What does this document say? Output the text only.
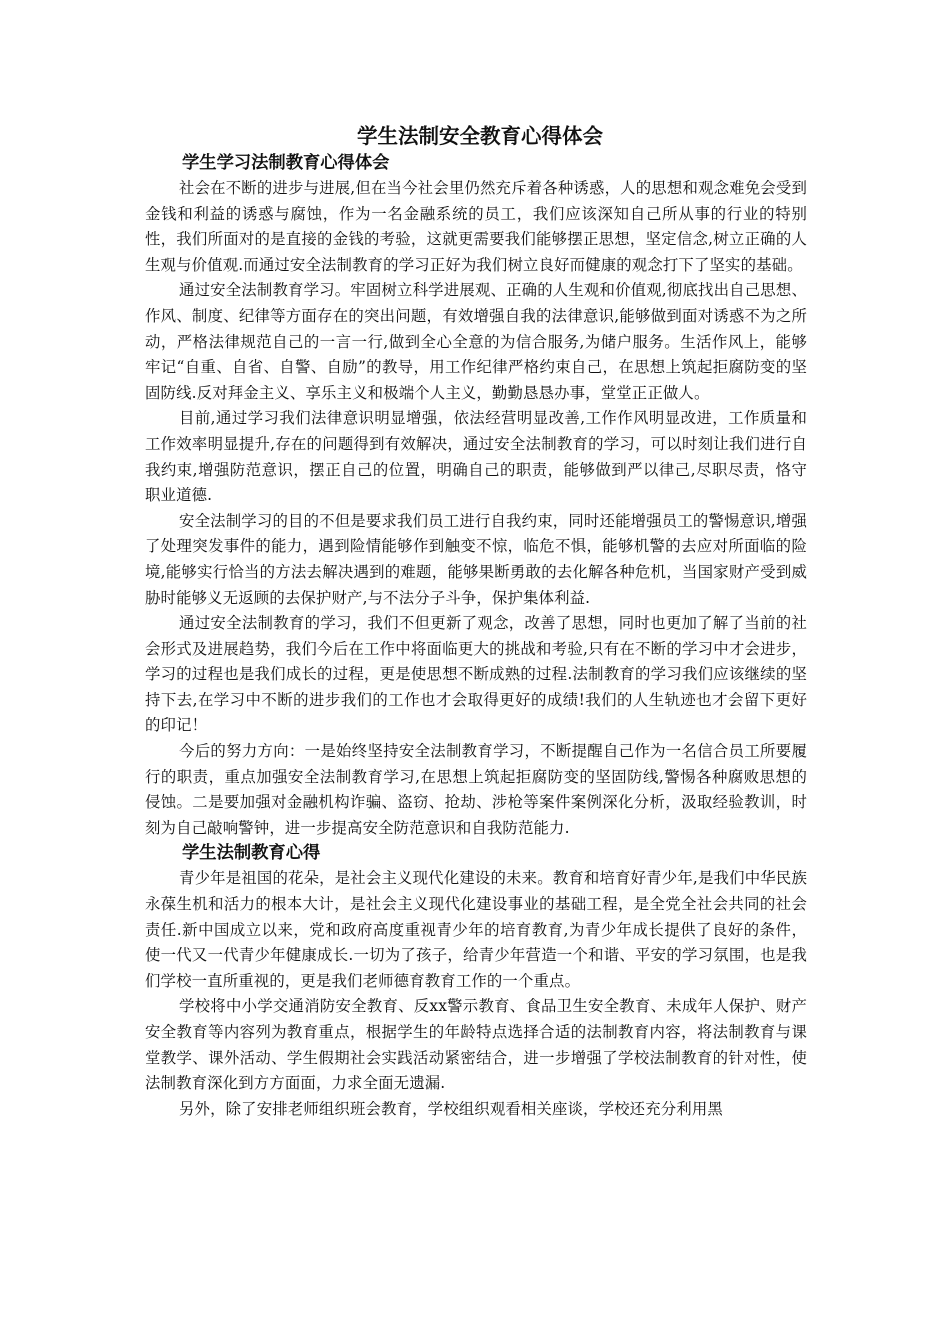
学生法制安全教育心得体会
学生学习法制教育心得体会

社会在不断的进步与进展,但在当今社会里仍然充斥着各种诱惑，人的思想和观念难免会受到金钱和利益的诱惑与腐蚀，作为一名金融系统的员工，我们应该深知自己所从事的行业的特别性，我们所面对的是直接的金钱的考验，这就更需要我们能够摆正思想，坚定信念,树立正确的人生观与价值观.而通过安全法制教育的学习正好为我们树立良好而健康的观念打下了坚实的基础。

通过安全法制教育学习。牢固树立科学进展观、正确的人生观和价值观,彻底找出自己思想、作风、制度、纪律等方面存在的突出问题，有效增强自我的法律意识,能够做到面对诱惑不为之所动，严格法律规范自己的一言一行,做到全心全意的为信合服务,为储户服务。生活作风上，能够牢记“自重、自省、自警、自励”的教导，用工作纪律严格约束自己，在思想上筑起拒腐防变的坚固防线.反对拜金主义、享乐主义和极端个人主义，勤勤恳恳办事，堂堂正正做人。

目前,通过学习我们法律意识明显增强，依法经营明显改善,工作作风明显改进，工作质量和工作效率明显提升,存在的问题得到有效解决，通过安全法制教育的学习，可以时刻让我们进行自我约束,增强防范意识，摆正自己的位置，明确自己的职责，能够做到严以律己,尽职尽责，恪守职业道德.

安全法制学习的目的不但是要求我们员工进行自我约束，同时还能增强员工的警惕意识,增强了处理突发事件的能力，遇到险情能够作到触变不惊，临危不惧，能够机警的去应对所面临的险境,能够实行恰当的方法去解决遇到的难题，能够果断勇敢的去化解各种危机，当国家财产受到威胁时能够义无返顾的去保护财产,与不法分子斗争，保护集体利益.

通过安全法制教育的学习，我们不但更新了观念，改善了思想，同时也更加了解了当前的社会形式及进展趋势，我们今后在工作中将面临更大的挑战和考验,只有在不断的学习中才会进步，学习的过程也是我们成长的过程，更是使思想不断成熟的过程.法制教育的学习我们应该继续的坚持下去,在学习中不断的进步我们的工作也才会取得更好的成绩!我们的人生轨迹也才会留下更好的印记！

今后的努力方向：一是始终坚持安全法制教育学习，不断提醒自己作为一名信合员工所要履行的职责，重点加强安全法制教育学习,在思想上筑起拒腐防变的坚固防线,警惕各种腐败思想的侵蚀。二是要加强对金融机构诈骗、盗窃、抢劫、涉枪等案件案例深化分析，汲取经验教训，时刻为自己敲响警钟，进一步提高安全防范意识和自我防范能力.

学生法制教育心得

青少年是祖国的花朵，是社会主义现代化建设的未来。教育和培育好青少年,是我们中华民族永葆生机和活力的根本大计，是社会主义现代化建设事业的基础工程，是全党全社会共同的社会责任.新中国成立以来，党和政府高度重视青少年的培育教育,为青少年成长提供了良好的条件，使一代又一代青少年健康成长.一切为了孩子，给青少年营造一个和谐、平安的学习氛围，也是我们学校一直所重视的，更是我们老师德育教育工作的一个重点。

学校将中小学交通消防安全教育、反xx警示教育、食品卫生安全教育、未成年人保护、财产安全教育等内容列为教育重点，根据学生的年龄特点选择合适的法制教育内容，将法制教育与课堂教学、课外活动、学生假期社会实践活动紧密结合，进一步增强了学校法制教育的针对性，使法制教育深化到方方面面，力求全面无遗漏.

另外，除了安排老师组织班会教育，学校组织观看相关座谈，学校还充分利用黑
